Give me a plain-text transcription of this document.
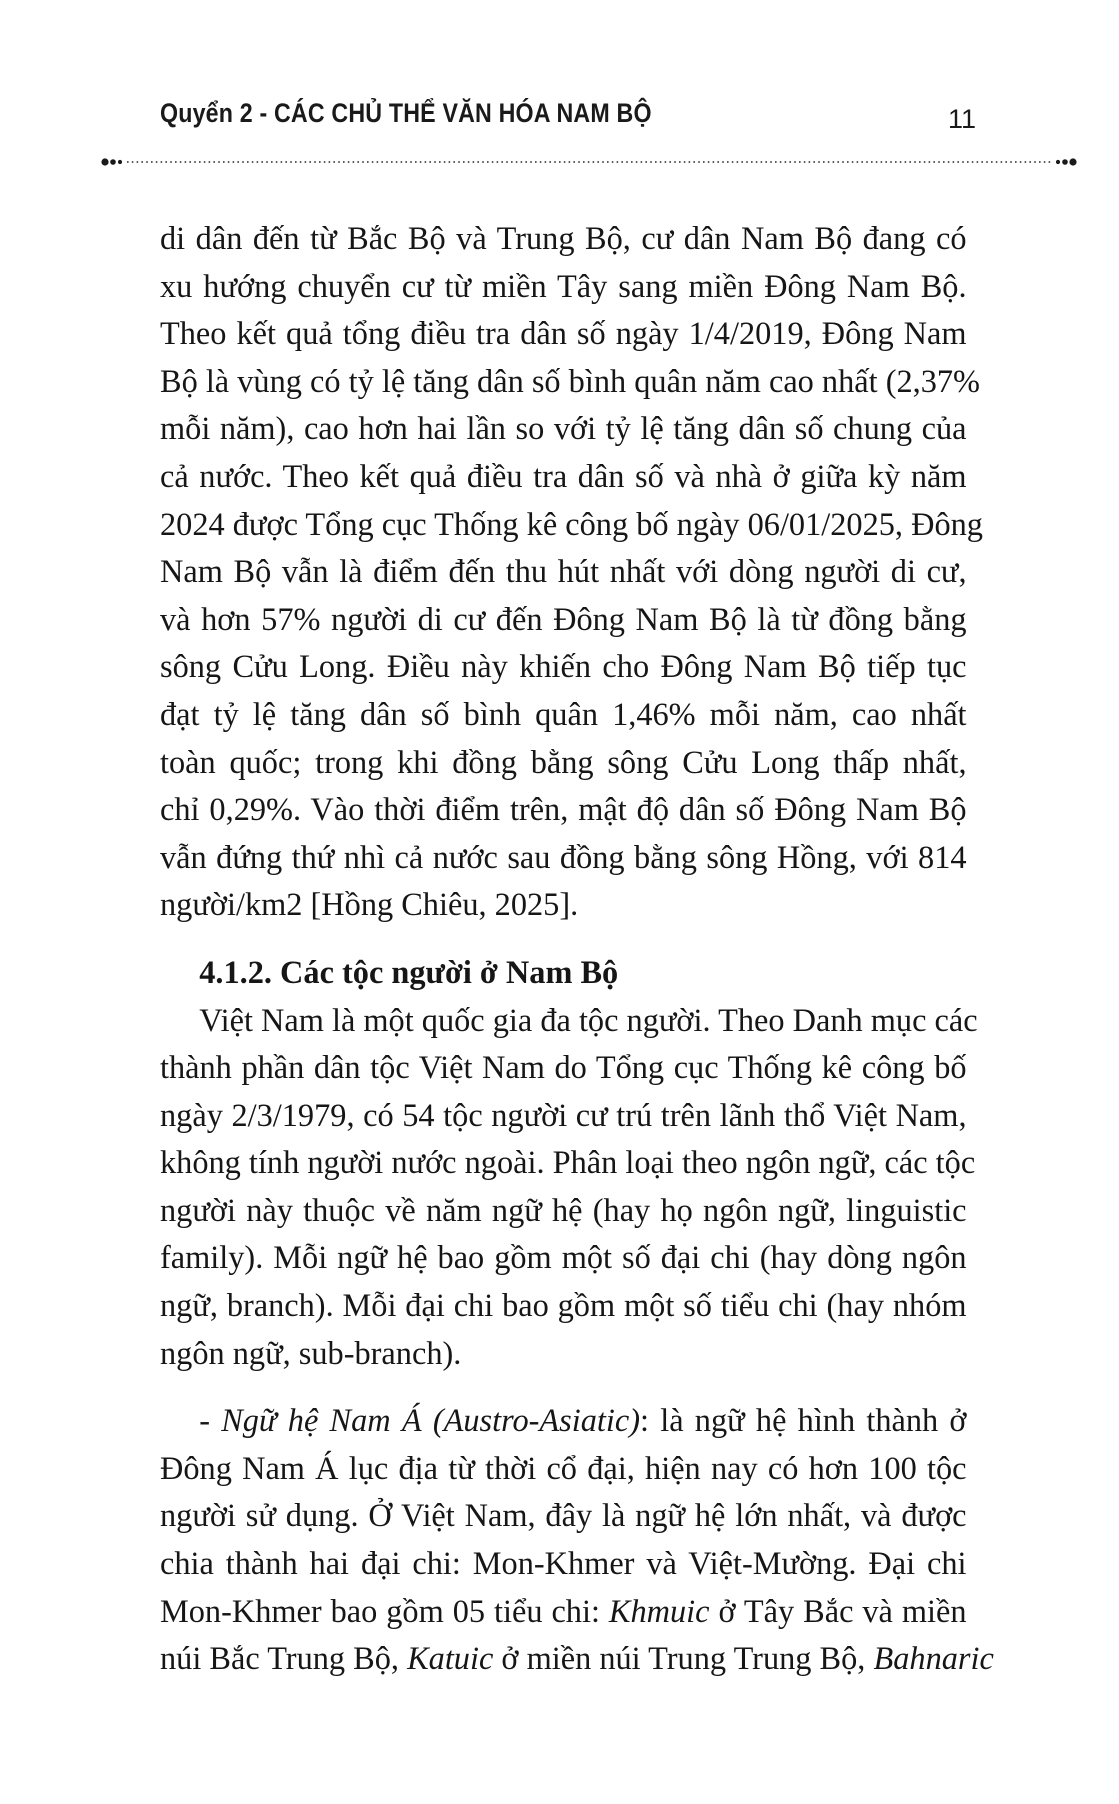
Quyển 2 - CÁC CHỦ THỂ VĂN HÓA NAM BỘ	11
di dân đến từ Bắc Bộ và Trung Bộ, cư dân Nam Bộ đang có
xu hướng chuyển cư từ miền Tây sang miền Đông Nam Bộ.
Theo kết quả tổng điều tra dân số ngày 1/4/2019, Đông Nam
Bộ là vùng có tỷ lệ tăng dân số bình quân năm cao nhất (2,37%
mỗi năm), cao hơn hai lần so với tỷ lệ tăng dân số chung của
cả nước. Theo kết quả điều tra dân số và nhà ở giữa kỳ năm
2024 được Tổng cục Thống kê công bố ngày 06/01/2025, Đông
Nam Bộ vẫn là điểm đến thu hút nhất với dòng người di cư,
và hơn 57% người di cư đến Đông Nam Bộ là từ đồng bằng
sông Cửu Long. Điều này khiến cho Đông Nam Bộ tiếp tục
đạt tỷ lệ tăng dân số bình quân 1,46% mỗi năm, cao nhất
toàn quốc; trong khi đồng bằng sông Cửu Long thấp nhất,
chỉ 0,29%. Vào thời điểm trên, mật độ dân số Đông Nam Bộ
vẫn đứng thứ nhì cả nước sau đồng bằng sông Hồng, với 814
người/km2 [Hồng Chiêu, 2025].
4.1.2. Các tộc người ở Nam Bộ
Việt Nam là một quốc gia đa tộc người. Theo Danh mục các
thành phần dân tộc Việt Nam do Tổng cục Thống kê công bố
ngày 2/3/1979, có 54 tộc người cư trú trên lãnh thổ Việt Nam,
không tính người nước ngoài. Phân loại theo ngôn ngữ, các tộc
người này thuộc về năm ngữ hệ (hay họ ngôn ngữ, linguistic
family). Mỗi ngữ hệ bao gồm một số đại chi (hay dòng ngôn
ngữ, branch). Mỗi đại chi bao gồm một số tiểu chi (hay nhóm
ngôn ngữ, sub-branch).
- Ngữ hệ Nam Á (Austro-Asiatic): là ngữ hệ hình thành ở
Đông Nam Á lục địa từ thời cổ đại, hiện nay có hơn 100 tộc
người sử dụng. Ở Việt Nam, đây là ngữ hệ lớn nhất, và được
chia thành hai đại chi: Mon-Khmer và Việt-Mường. Đại chi
Mon-Khmer bao gồm 05 tiểu chi: Khmuic ở Tây Bắc và miền
núi Bắc Trung Bộ, Katuic ở miền núi Trung Trung Bộ, Bahnaric
